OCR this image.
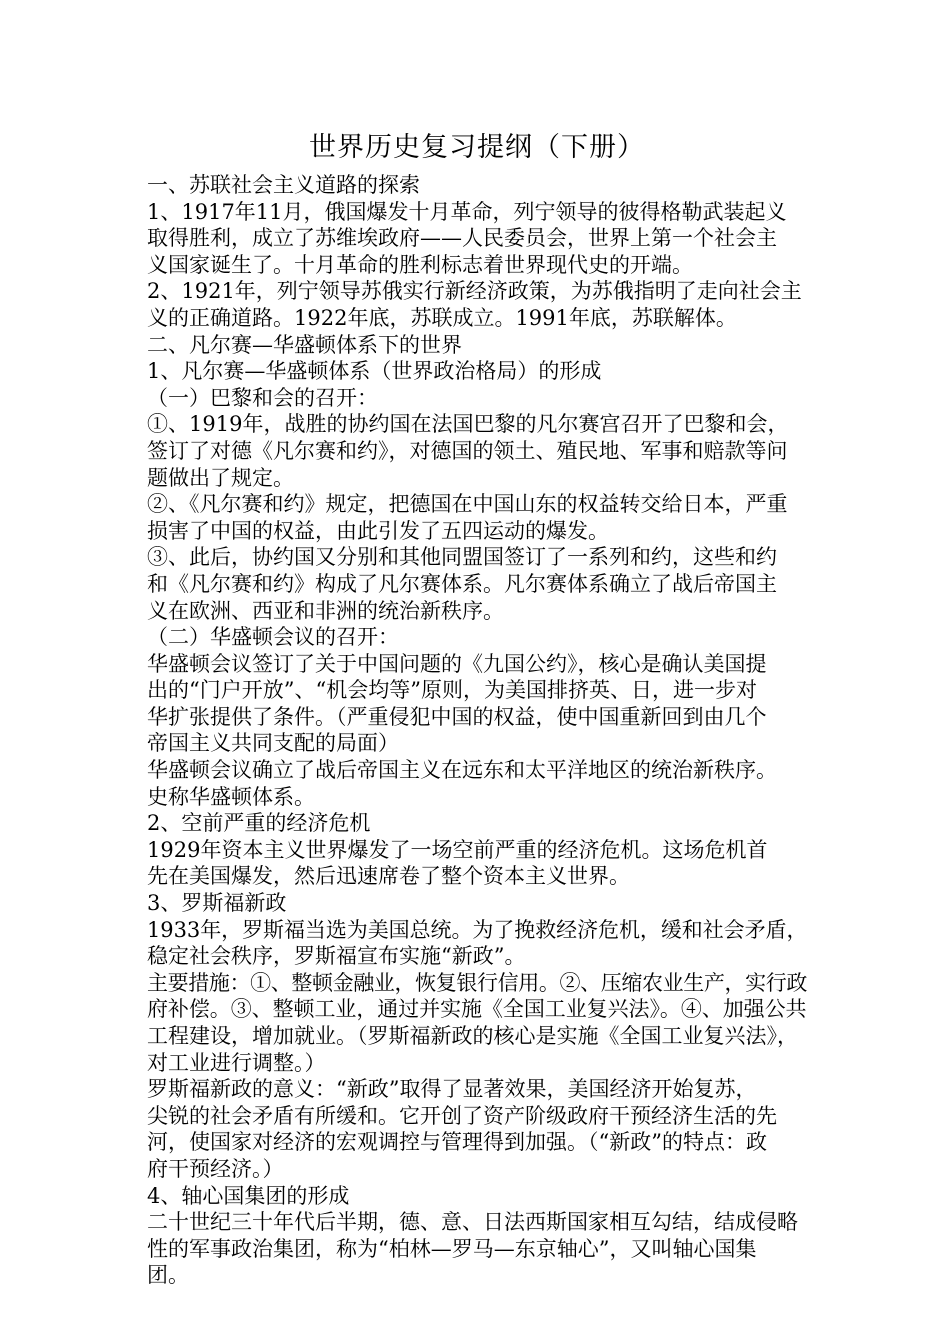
世界历史复习提纲（下册）
一、苏联社会主义道路的探索
1、1917年11月，俄国爆发十月革命，列宁领导的彼得格勒武装起义
取得胜利，成立了苏维埃政府——人民委员会，世界上第一个社会主
义国家诞生了。十月革命的胜利标志着世界现代史的开端。
2、1921年，列宁领导苏俄实行新经济政策，为苏俄指明了走向社会主
义的正确道路。1922年底，苏联成立。1991年底，苏联解体。
二、凡尔赛—华盛顿体系下的世界
1、凡尔赛—华盛顿体系（世界政治格局）的形成
（一）巴黎和会的召开：
①、1919年，战胜的协约国在法国巴黎的凡尔赛宫召开了巴黎和会，
签订了对德《凡尔赛和约》，对德国的领土、殖民地、军事和赔款等问
题做出了规定。
②、《凡尔赛和约》规定，把德国在中国山东的权益转交给日本，严重
损害了中国的权益，由此引发了五四运动的爆发。
③、此后，协约国又分别和其他同盟国签订了一系列和约，这些和约
和《凡尔赛和约》构成了凡尔赛体系。凡尔赛体系确立了战后帝国主
义在欧洲、西亚和非洲的统治新秩序。
（二）华盛顿会议的召开：
华盛顿会议签订了关于中国问题的《九国公约》，核心是确认美国提
出的“门户开放”、“机会均等”原则，为美国排挤英、日，进一步对
华扩张提供了条件。（严重侵犯中国的权益，使中国重新回到由几个
帝国主义共同支配的局面）
华盛顿会议确立了战后帝国主义在远东和太平洋地区的统治新秩序。
史称华盛顿体系。
2、空前严重的经济危机
1929年资本主义世界爆发了一场空前严重的经济危机。这场危机首
先在美国爆发，然后迅速席卷了整个资本主义世界。
3、罗斯福新政
1933年，罗斯福当选为美国总统。为了挽救经济危机，缓和社会矛盾，
稳定社会秩序，罗斯福宣布实施“新政”。
主要措施：①、整顿金融业，恢复银行信用。②、压缩农业生产，实行政
府补偿。③、整顿工业，通过并实施《全国工业复兴法》。④、加强公共
工程建设，增加就业。（罗斯福新政的核心是实施《全国工业复兴法》，
对工业进行调整。）
罗斯福新政的意义：“新政”取得了显著效果，美国经济开始复苏，
尖锐的社会矛盾有所缓和。它开创了资产阶级政府干预经济生活的先
河，使国家对经济的宏观调控与管理得到加强。（“新政”的特点：政
府干预经济。）
4、轴心国集团的形成
二十世纪三十年代后半期，德、意、日法西斯国家相互勾结，结成侵略
性的军事政治集团，称为“柏林—罗马—东京轴心”，又叫轴心国集
团。
